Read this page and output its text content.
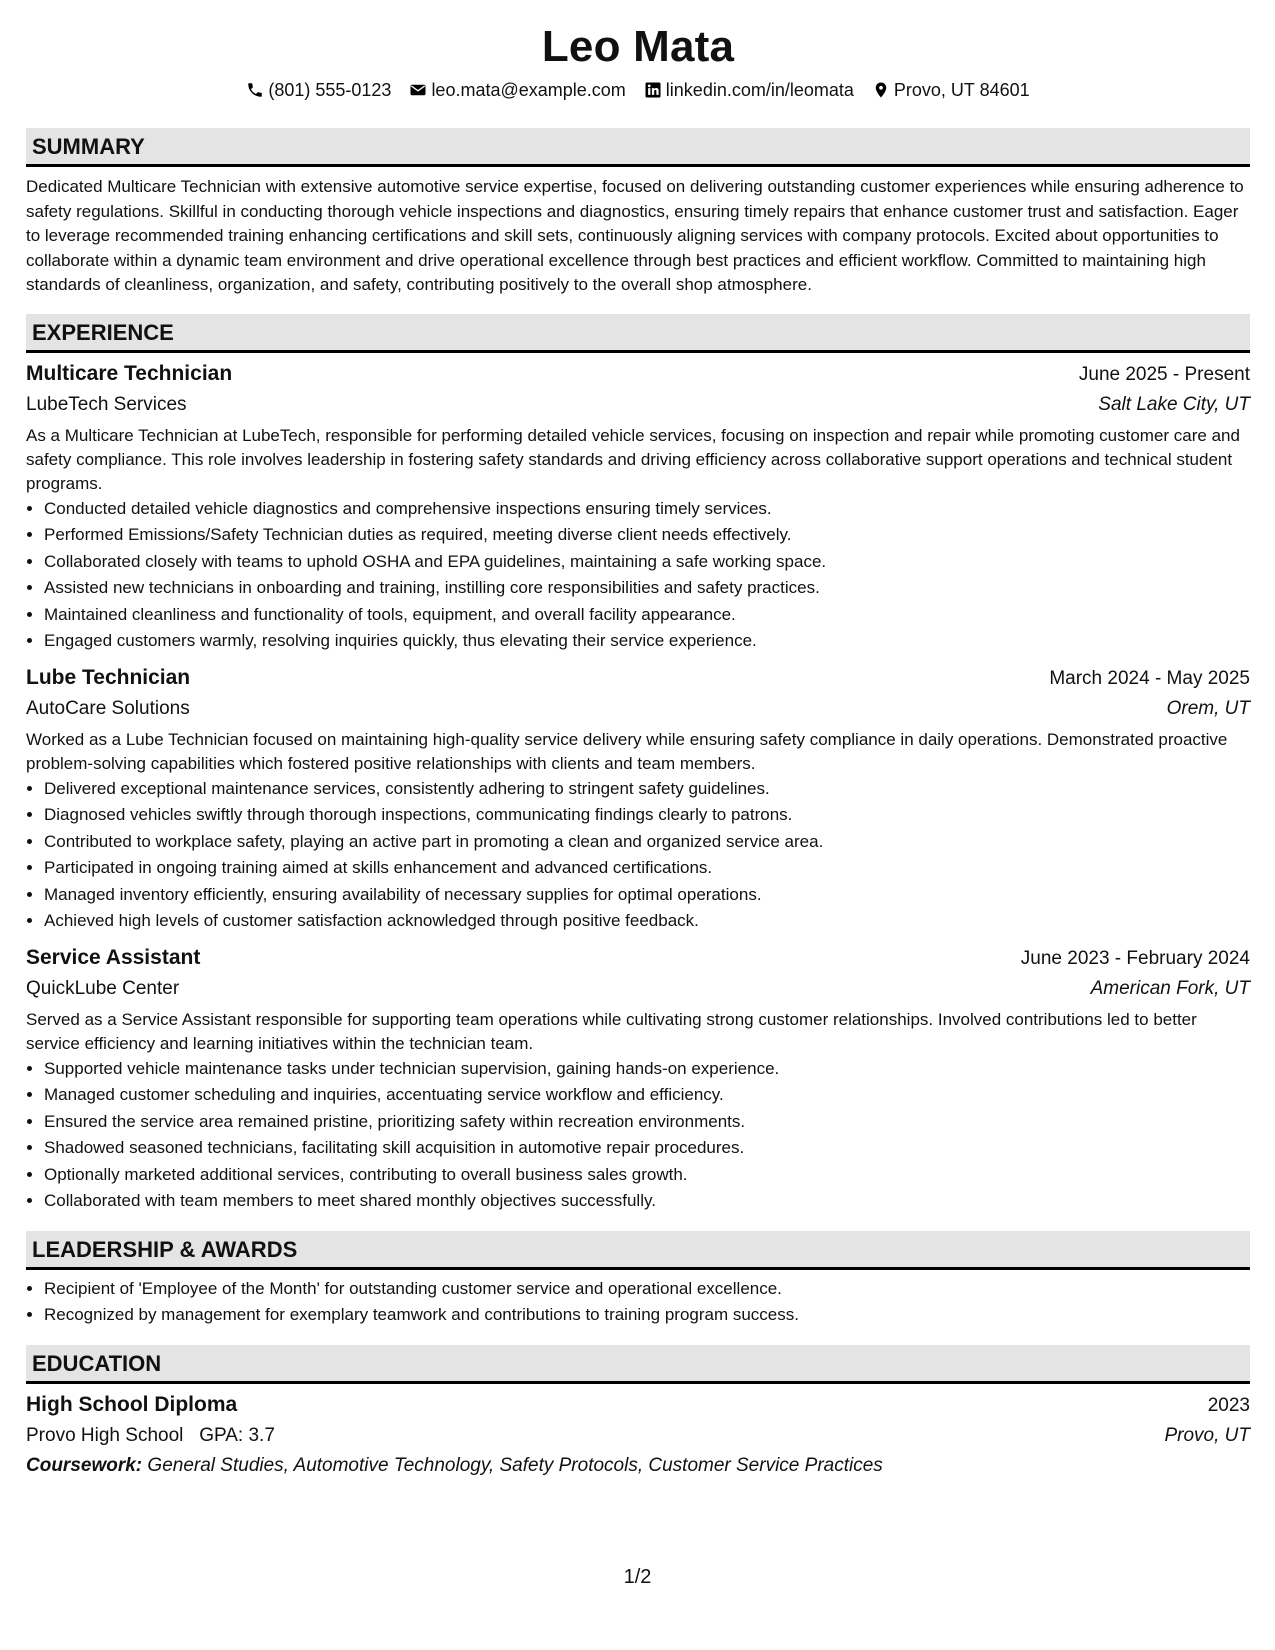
Leo Mata
(801) 555-0123 leo.mata@example.com linkedin.com/in/leomata Provo, UT 84601
SUMMARY
Dedicated Multicare Technician with extensive automotive service expertise, focused on delivering outstanding customer experiences while ensuring adherence to safety regulations. Skillful in conducting thorough vehicle inspections and diagnostics, ensuring timely repairs that enhance customer trust and satisfaction. Eager to leverage recommended training enhancing certifications and skill sets, continuously aligning services with company protocols. Excited about opportunities to collaborate within a dynamic team environment and drive operational excellence through best practices and efficient workflow. Committed to maintaining high standards of cleanliness, organization, and safety, contributing positively to the overall shop atmosphere.
EXPERIENCE
Multicare Technician	June 2025 - Present
LubeTech Services	Salt Lake City, UT
As a Multicare Technician at LubeTech, responsible for performing detailed vehicle services, focusing on inspection and repair while promoting customer care and safety compliance. This role involves leadership in fostering safety standards and driving efficiency across collaborative support operations and technical student programs.
• Conducted detailed vehicle diagnostics and comprehensive inspections ensuring timely services.
• Performed Emissions/Safety Technician duties as required, meeting diverse client needs effectively.
• Collaborated closely with teams to uphold OSHA and EPA guidelines, maintaining a safe working space.
• Assisted new technicians in onboarding and training, instilling core responsibilities and safety practices.
• Maintained cleanliness and functionality of tools, equipment, and overall facility appearance.
• Engaged customers warmly, resolving inquiries quickly, thus elevating their service experience.
Lube Technician	March 2024 - May 2025
AutoCare Solutions	Orem, UT
Worked as a Lube Technician focused on maintaining high-quality service delivery while ensuring safety compliance in daily operations. Demonstrated proactive problem-solving capabilities which fostered positive relationships with clients and team members.
• Delivered exceptional maintenance services, consistently adhering to stringent safety guidelines.
• Diagnosed vehicles swiftly through thorough inspections, communicating findings clearly to patrons.
• Contributed to workplace safety, playing an active part in promoting a clean and organized service area.
• Participated in ongoing training aimed at skills enhancement and advanced certifications.
• Managed inventory efficiently, ensuring availability of necessary supplies for optimal operations.
• Achieved high levels of customer satisfaction acknowledged through positive feedback.
Service Assistant	June 2023 - February 2024
QuickLube Center	American Fork, UT
Served as a Service Assistant responsible for supporting team operations while cultivating strong customer relationships. Involved contributions led to better service efficiency and learning initiatives within the technician team.
• Supported vehicle maintenance tasks under technician supervision, gaining hands-on experience.
• Managed customer scheduling and inquiries, accentuating service workflow and efficiency.
• Ensured the service area remained pristine, prioritizing safety within recreation environments.
• Shadowed seasoned technicians, facilitating skill acquisition in automotive repair procedures.
• Optionally marketed additional services, contributing to overall business sales growth.
• Collaborated with team members to meet shared monthly objectives successfully.
LEADERSHIP & AWARDS
• Recipient of 'Employee of the Month' for outstanding customer service and operational excellence.
• Recognized by management for exemplary teamwork and contributions to training program success.
EDUCATION
High School Diploma	2023
Provo High School GPA: 3.7	Provo, UT
Coursework: General Studies, Automotive Technology, Safety Protocols, Customer Service Practices
1/2
